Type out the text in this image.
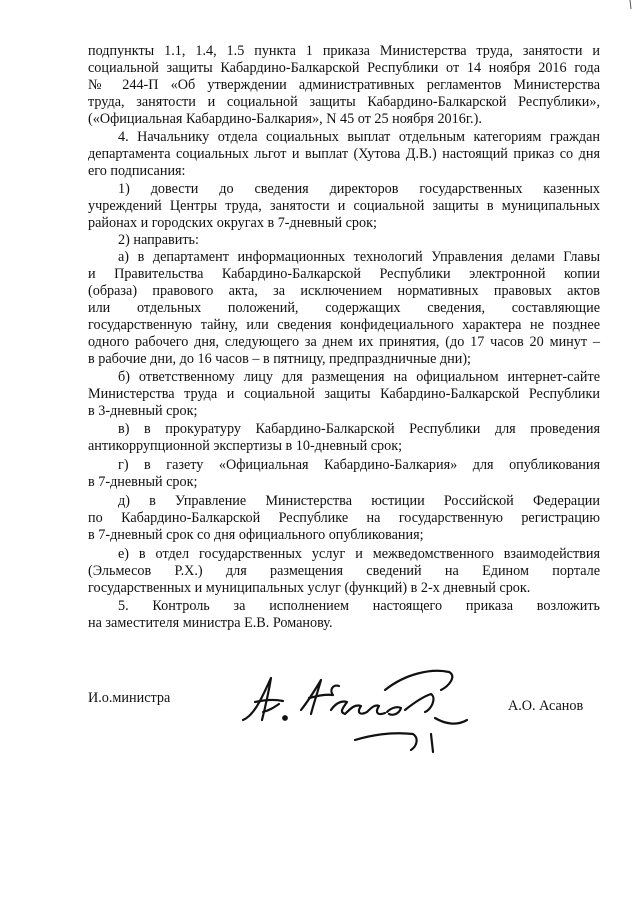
подпункты 1.1, 1.4, 1.5 пункта 1 приказа Министерства труда, занятости и
социальной защиты Кабардино-Балкарской Республики от 14 ноября 2016 года
№ 244-П «Об утверждении административных регламентов Министерства
труда, занятости и социальной защиты Кабардино-Балкарской Республики»,
(«Официальная Кабардино-Балкария», N 45 от 25 ноября 2016г.).
4. Начальнику отдела социальных выплат отдельным категориям граждан
департамента социальных льгот и выплат (Хутова Д.В.) настоящий приказ со дня
его подписания:
1) довести до сведения директоров государственных казенных
учреждений Центры труда, занятости и социальной защиты в муниципальных
районах и городских округах в 7-дневный срок;
2) направить:
а) в департамент информационных технологий Управления делами Главы
и Правительства Кабардино-Балкарской Республики электронной копии
(образа) правового акта, за исключением нормативных правовых актов
или отдельных положений, содержащих сведения, составляющие
государственную тайну, или сведения конфидециального характера не позднее
одного рабочего дня, следующего за днем их принятия, (до 17 часов 20 минут –
в рабочие дни, до 16 часов – в пятницу, предпраздничные дни);
б) ответственному лицу для размещения на официальном интернет-сайте
Министерства труда и социальной защиты Кабардино-Балкарской Республики
в 3-дневный срок;
в) в прокуратуру Кабардино-Балкарской Республики для проведения
антикоррупционной экспертизы в 10-дневный срок;
г) в газету «Официальная Кабардино-Балкария» для опубликования
в 7-дневный срок;
д) в Управление Министерства юстиции Российской Федерации
по Кабардино-Балкарской Республике на государственную регистрацию
в 7-дневный срок со дня официального опубликования;
е) в отдел государственных услуг и межведомственного взаимодействия
(Эльмесов Р.Х.) для размещения сведений на Едином портале
государственных и муниципальных услуг (функций) в 2-х дневный срок.
5. Контроль за исполнением настоящего приказа возложить
на заместителя министра Е.В. Романову.
И.о.министра	А.О. Асанов
